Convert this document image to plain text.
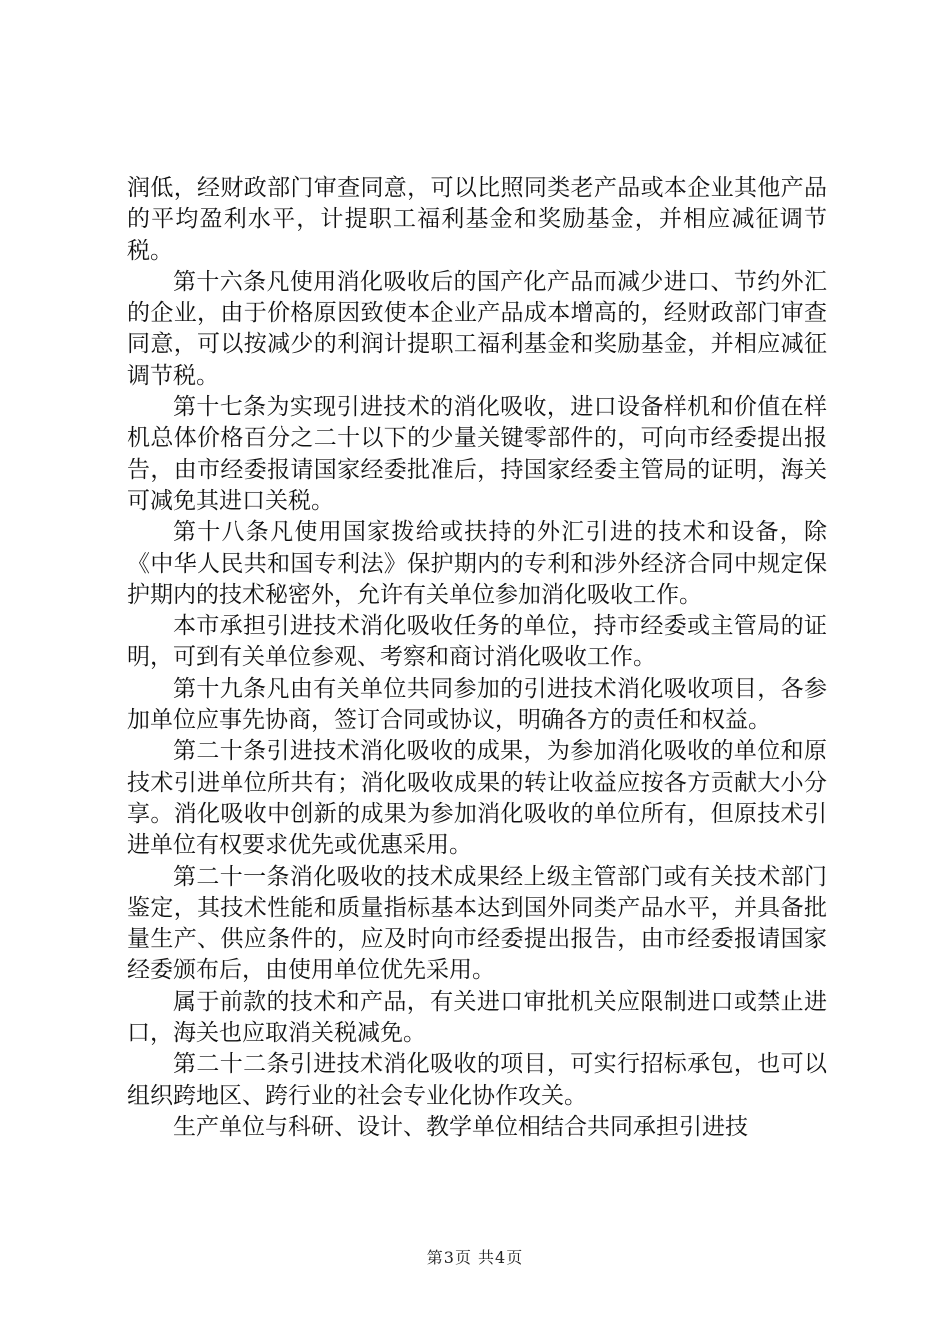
润低，经财政部门审查同意，可以比照同类老产品或本企业其他产品的平均盈利水平，计提职工福利基金和奖励基金，并相应减征调节税。

第十六条凡使用消化吸收后的国产化产品而减少进口、节约外汇的企业，由于价格原因致使本企业产品成本增高的，经财政部门审查同意，可以按减少的利润计提职工福利基金和奖励基金，并相应减征调节税。

第十七条为实现引进技术的消化吸收，进口设备样机和价值在样机总体价格百分之二十以下的少量关键零部件的，可向市经委提出报告，由市经委报请国家经委批准后，持国家经委主管局的证明，海关可减免其进口关税。

第十八条凡使用国家拨给或扶持的外汇引进的技术和设备，除《中华人民共和国专利法》保护期内的专利和涉外经济合同中规定保护期内的技术秘密外，允许有关单位参加消化吸收工作。

本市承担引进技术消化吸收任务的单位，持市经委或主管局的证明，可到有关单位参观、考察和商讨消化吸收工作。

第十九条凡由有关单位共同参加的引进技术消化吸收项目，各参加单位应事先协商，签订合同或协议，明确各方的责任和权益。

第二十条引进技术消化吸收的成果，为参加消化吸收的单位和原技术引进单位所共有；消化吸收成果的转让收益应按各方贡献大小分享。消化吸收中创新的成果为参加消化吸收的单位所有，但原技术引进单位有权要求优先或优惠采用。

第二十一条消化吸收的技术成果经上级主管部门或有关技术部门鉴定，其技术性能和质量指标基本达到国外同类产品水平，并具备批量生产、供应条件的，应及时向市经委提出报告，由市经委报请国家经委颁布后，由使用单位优先采用。

属于前款的技术和产品，有关进口审批机关应限制进口或禁止进口，海关也应取消关税减免。

第二十二条引进技术消化吸收的项目，可实行招标承包，也可以组织跨地区、跨行业的社会专业化协作攻关。

生产单位与科研、设计、教学单位相结合共同承担引进技

第3页 共4页
